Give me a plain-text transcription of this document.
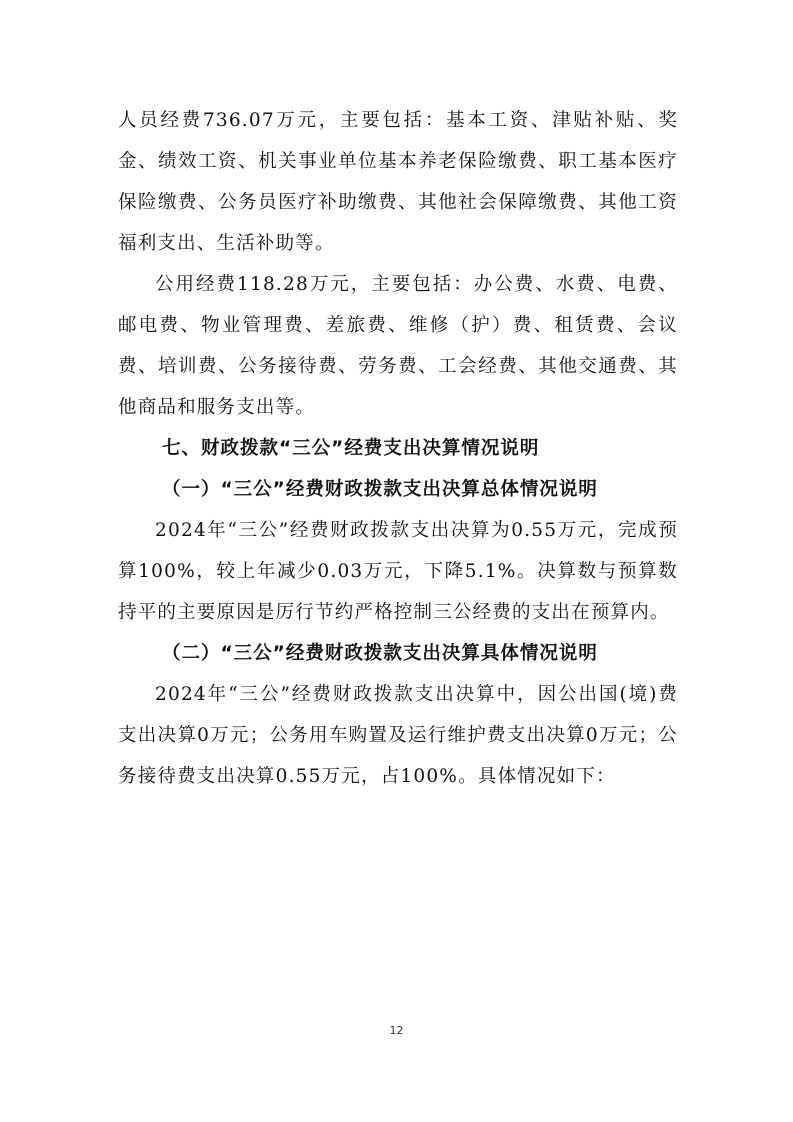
人员经费736.07万元，主要包括：基本工资、津贴补贴、奖金、绩效工资、机关事业单位基本养老保险缴费、职工基本医疗保险缴费、公务员医疗补助缴费、其他社会保障缴费、其他工资福利支出、生活补助等。

公用经费118.28万元，主要包括：办公费、水费、电费、邮电费、物业管理费、差旅费、维修（护）费、租赁费、会议费、培训费、公务接待费、劳务费、工会经费、其他交通费、其他商品和服务支出等。

七、财政拨款“三公”经费支出决算情况说明

（一）“三公”经费财政拨款支出决算总体情况说明

2024年“三公”经费财政拨款支出决算为0.55万元，完成预算100%，较上年减少0.03万元，下降5.1%。决算数与预算数持平的主要原因是厉行节约严格控制三公经费的支出在预算内。

（二）“三公”经费财政拨款支出决算具体情况说明

2024年“三公”经费财政拨款支出决算中，因公出国(境)费支出决算0万元；公务用车购置及运行维护费支出决算0万元；公务接待费支出决算0.55万元，占100%。具体情况如下：

12
